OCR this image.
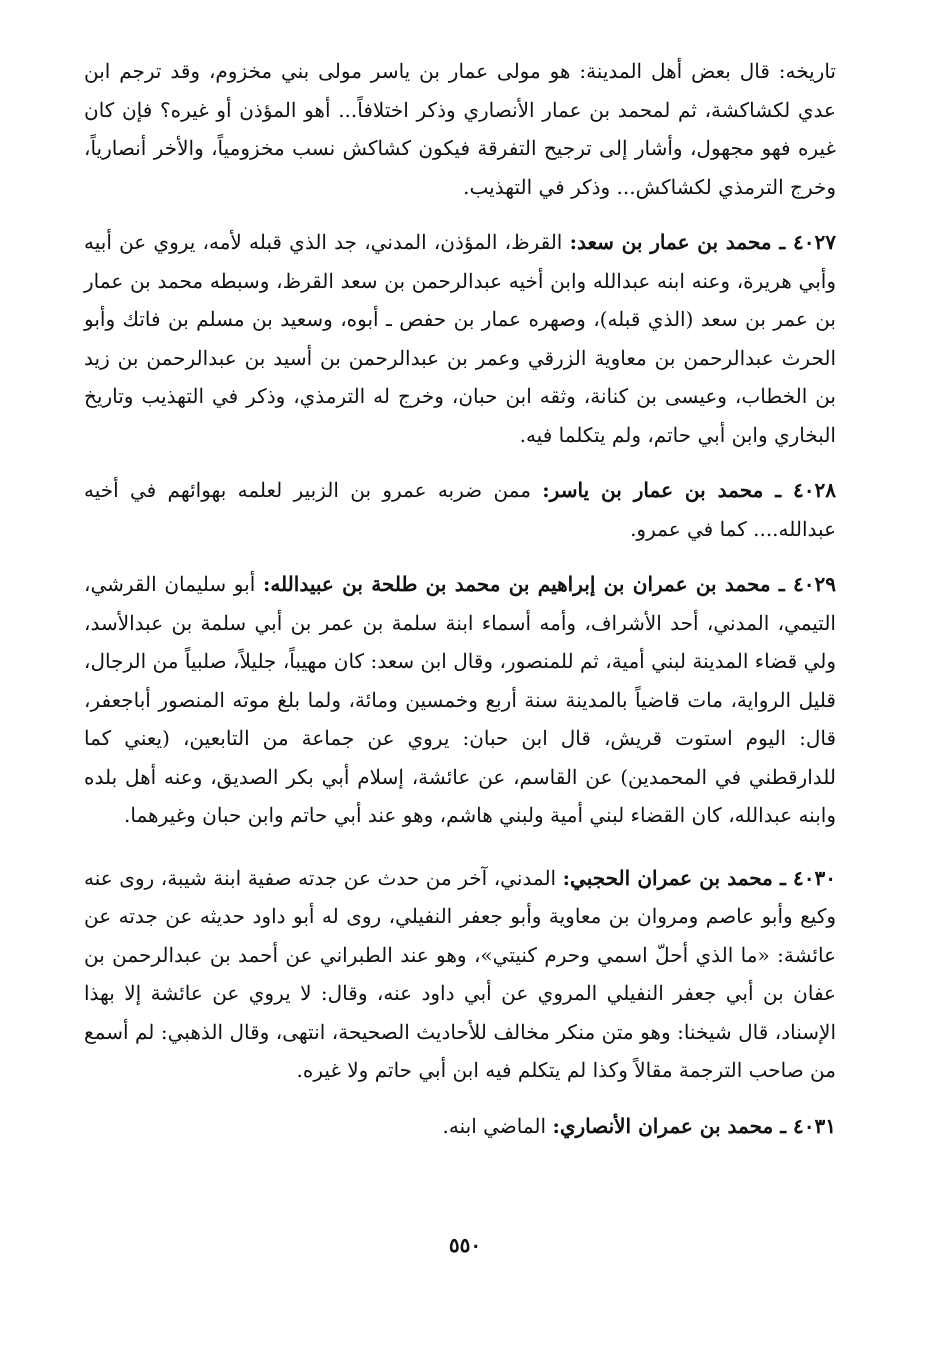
تاريخه: قال بعض أهل المدينة: هو مولى عمار بن ياسر مولى بني مخزوم، وقد ترجم ابن عدي لكشاكشة، ثم لمحمد بن عمار الأنصاري وذكر اختلافاً... أهو المؤذن أو غيره؟ فإن كان غيره فهو مجهول، وأشار إلى ترجيح التفرقة فيكون كشاكش نسب مخزومياً، والأخر أنصارياً، وخرج الترمذي لكشاكش... وذكر في التهذيب.

٤٠٢٧ ـ محمد بن عمار بن سعد: القرظ، المؤذن، المدني، جد الذي قبله لأمه، يروي عن أبيه وأبي هريرة، وعنه ابنه عبدالله وابن أخيه عبدالرحمن بن سعد القرظ، وسبطه محمد بن عمار بن عمر بن سعد (الذي قبله)، وصهره عمار بن حفص ـ أبوه، وسعيد بن مسلم بن فاتك وأبو الحرث عبدالرحمن بن معاوية الزرقي وعمر بن عبدالرحمن بن أسيد بن عبدالرحمن بن زيد بن الخطاب، وعيسى بن كنانة، وثقه ابن حبان، وخرج له الترمذي، وذكر في التهذيب وتاريخ البخاري وابن أبي حاتم، ولم يتكلما فيه.

٤٠٢٨ ـ محمد بن عمار بن ياسر: ممن ضربه عمرو بن الزبير لعلمه بهوائهم في أخيه عبدالله.... كما في عمرو.

٤٠٢٩ ـ محمد بن عمران بن إبراهيم بن محمد بن طلحة بن عبيدالله: أبو سليمان القرشي، التيمي، المدني، أحد الأشراف، وأمه أسماء ابنة سلمة بن عمر بن أبي سلمة بن عبدالأسد، ولي قضاء المدينة لبني أمية، ثم للمنصور، وقال ابن سعد: كان مهيباً، جليلاً، صلبياً من الرجال، قليل الرواية، مات قاضياً بالمدينة سنة أربع وخمسين ومائة، ولما بلغ موته المنصور أباجعفر، قال: اليوم استوت قريش، قال ابن حبان: يروي عن جماعة من التابعين، (يعني كما للدارقطني في المحمدين) عن القاسم، عن عائشة، إسلام أبي بكر الصديق، وعنه أهل بلده وابنه عبدالله، كان القضاء لبني أمية ولبني هاشم، وهو عند أبي حاتم وابن حبان وغيرهما.

٤٠٣٠ ـ محمد بن عمران الحجبي: المدني، آخر من حدث عن جدته صفية ابنة شيبة، روى عنه وكيع وأبو عاصم ومروان بن معاوية وأبو جعفر النفيلي، روى له أبو داود حديثه عن جدته عن عائشة: «ما الذي أحلّ اسمي وحرم كنيتي»، وهو عند الطبراني عن أحمد بن عبدالرحمن بن عفان بن أبي جعفر النفيلي المروي عن أبي داود عنه، وقال: لا يروي عن عائشة إلا بهذا الإسناد، قال شيخنا: وهو متن منكر مخالف للأحاديث الصحيحة، انتهى، وقال الذهبي: لم أسمع من صاحب الترجمة مقالاً وكذا لم يتكلم فيه ابن أبي حاتم ولا غيره.

٤٠٣١ ـ محمد بن عمران الأنصاري: الماضي ابنه.

٥٥٠
